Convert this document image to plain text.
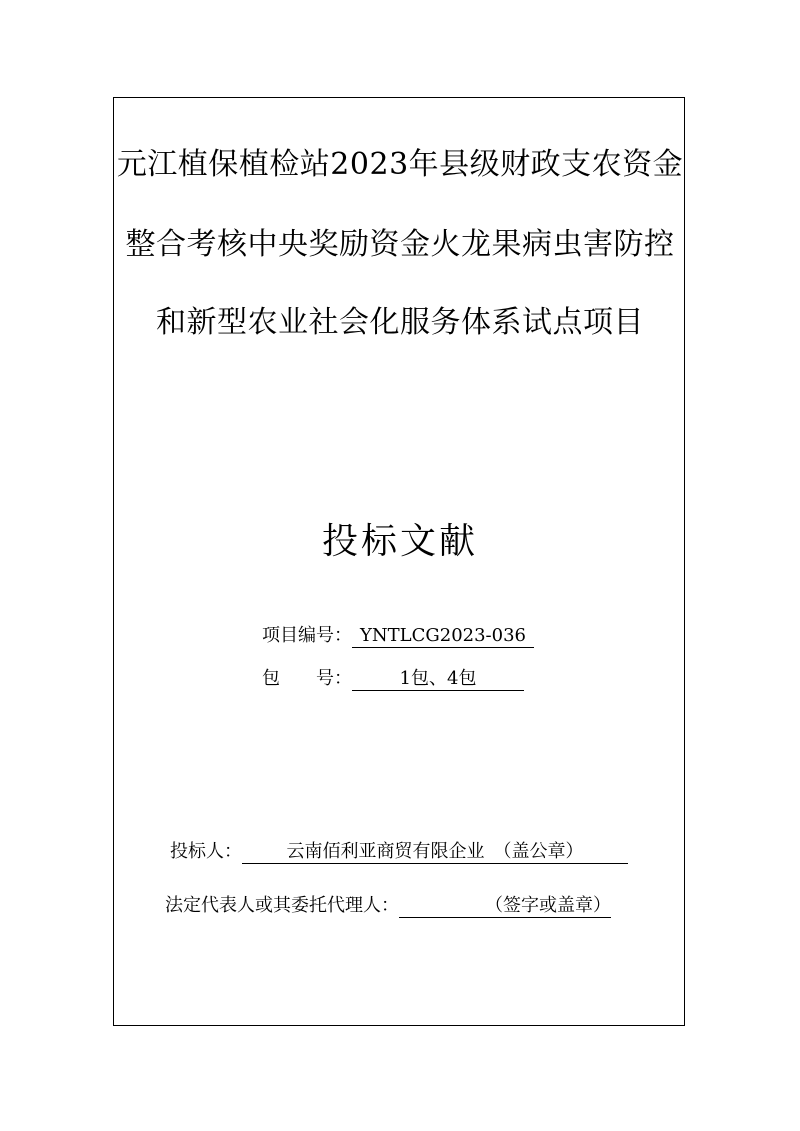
元江植保植检站2023年县级财政支农资金
整合考核中央奖励资金火龙果病虫害防控
和新型农业社会化服务体系试点项目
投标文献
项目编号： YNTLCG2023-036
包　　号：	1包、4包
投标人： 云南佰利亚商贸有限企业　（盖公章）
法定代表人或其委托代理人：	（签字或盖章）
